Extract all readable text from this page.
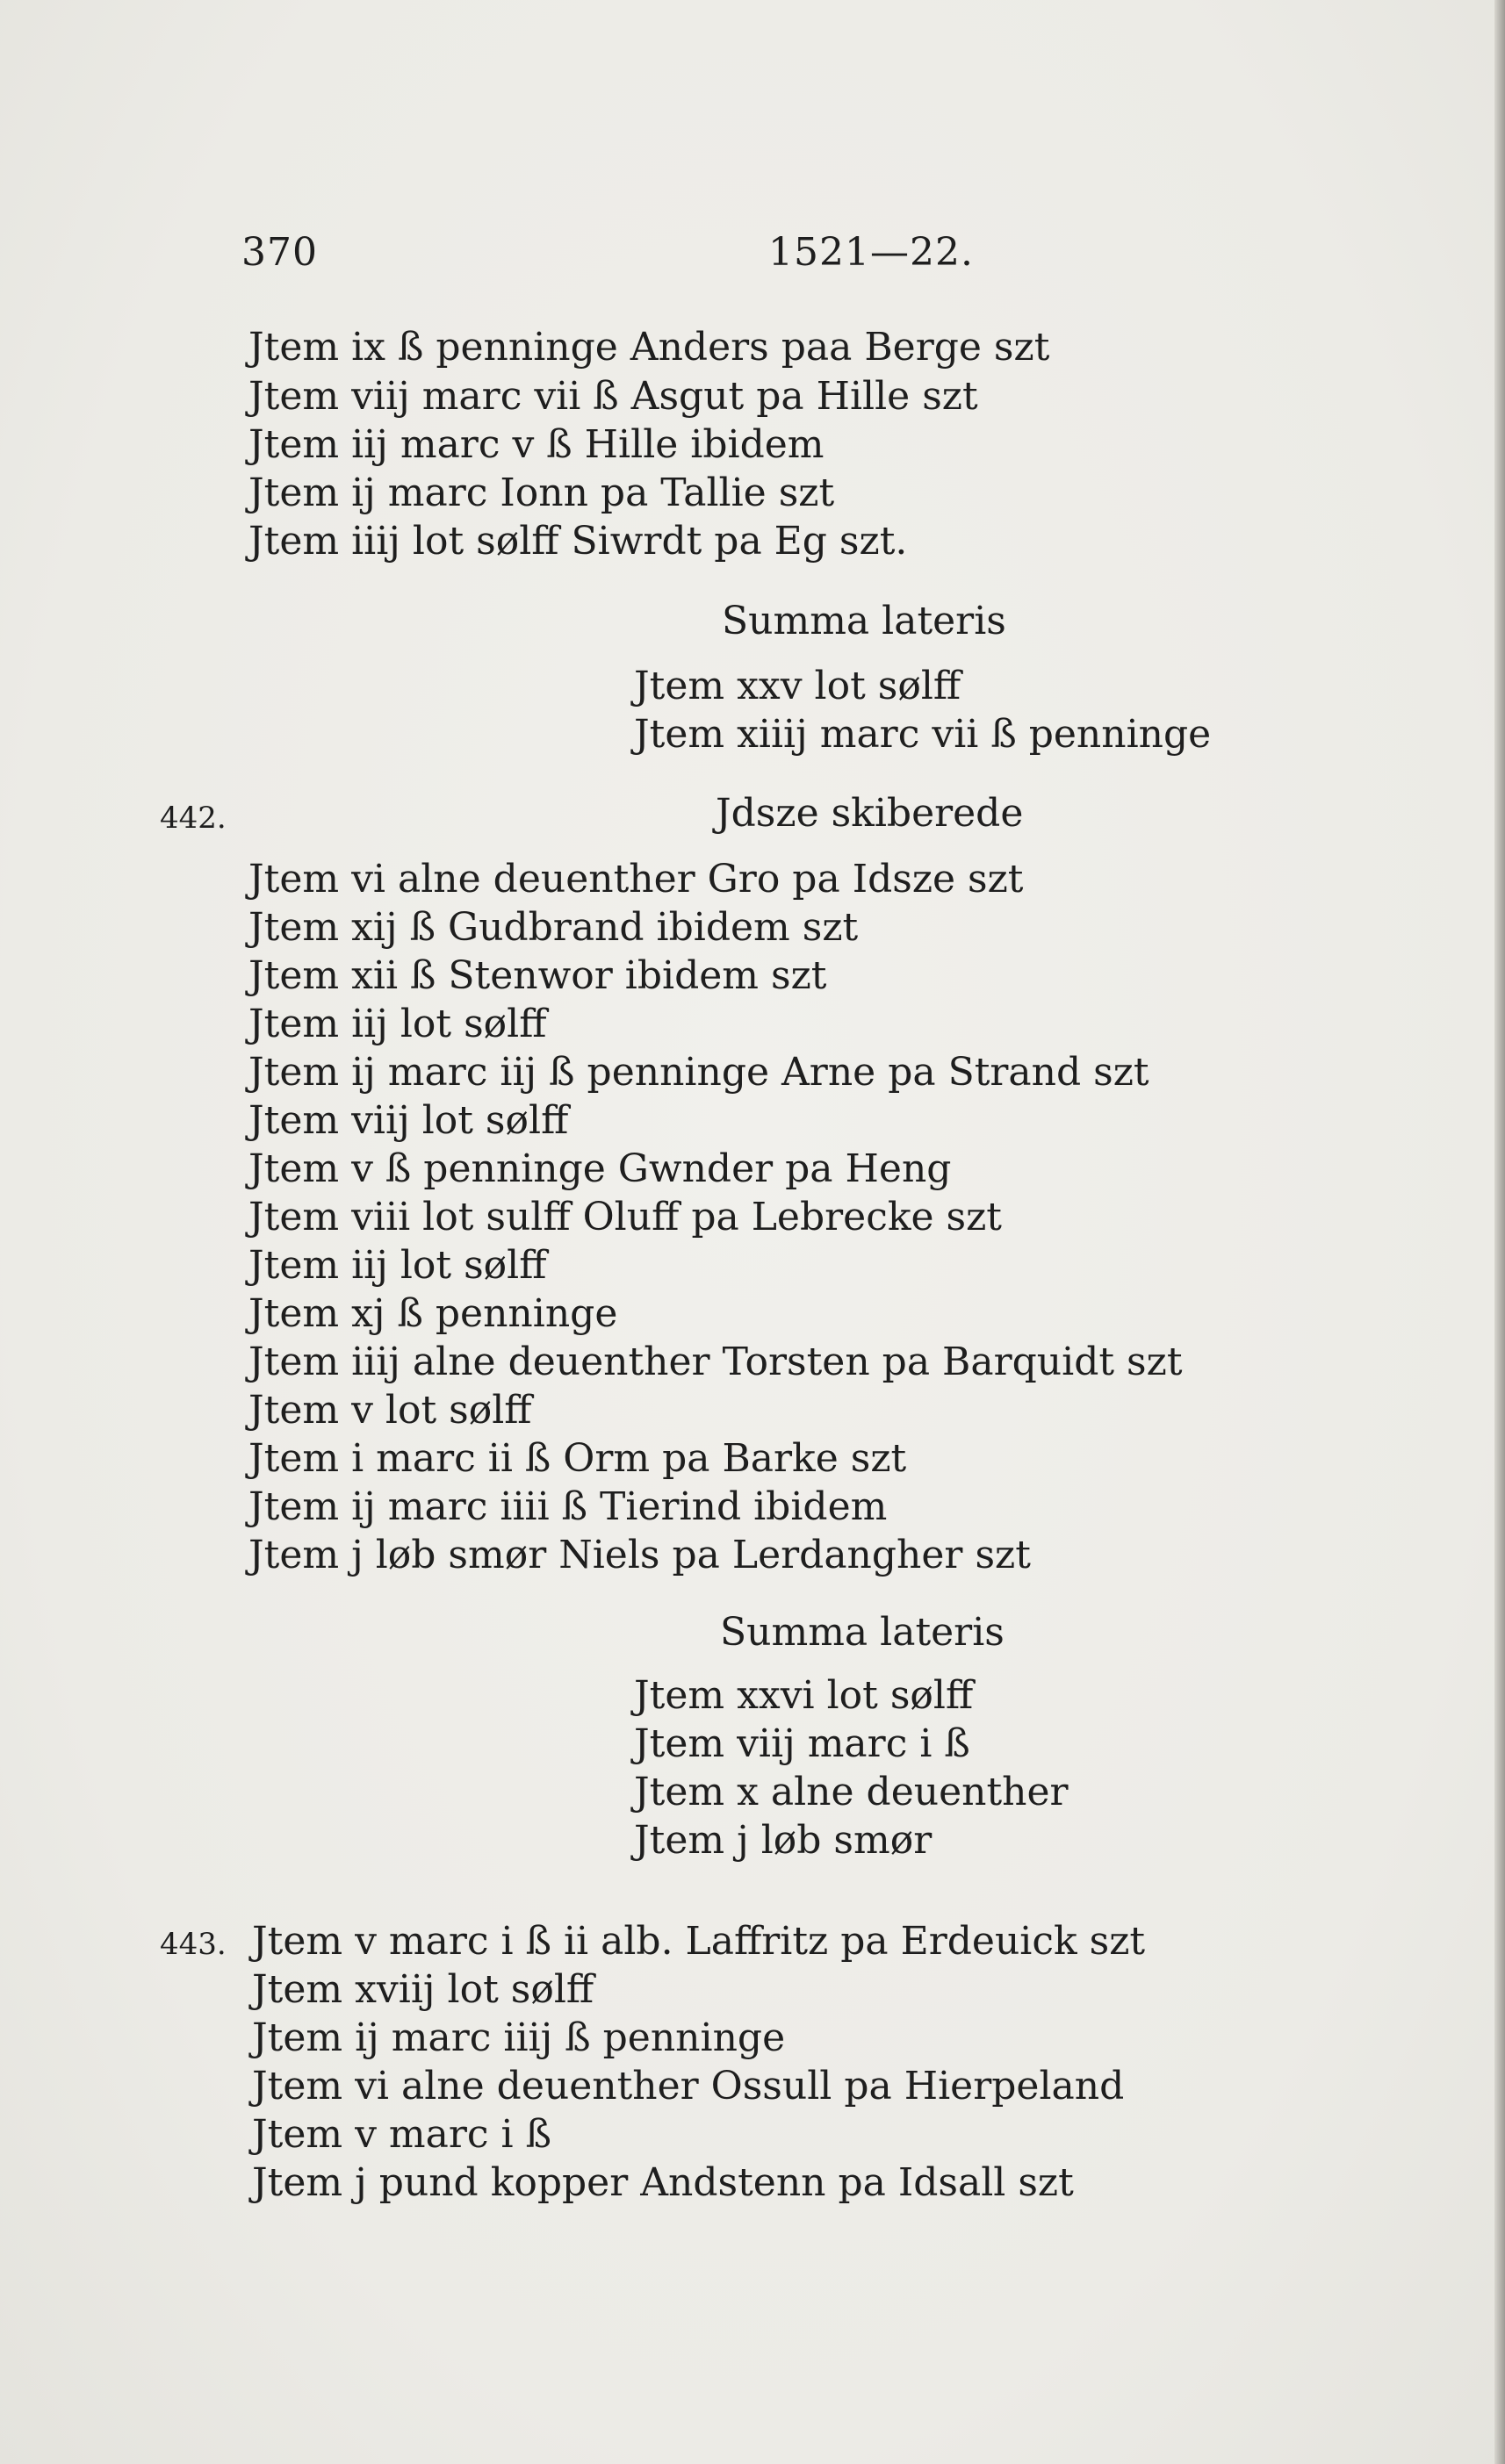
370	1521—22.
Jtem ix ß penninge Anders paa Berge szt
Jtem viij marc vii ß Asgut pa Hille szt
Jtem iij marc v ß Hille ibidem
Jtem ij marc Ionn pa Tallie szt
Jtem iiij lot sølff Siwrdt pa Eg szt.
Summa lateris
Jtem xxv lot sølff
Jtem xiiij marc vii ß penninge
442.	Jdsze skiberede
Jtem vi alne deuenther Gro pa Idsze szt
Jtem xij ß Gudbrand ibidem szt
Jtem xii ß Stenwor ibidem szt
Jtem iij lot sølff
Jtem ij marc iij ß penninge Arne pa Strand szt
Jtem viij lot sølff
Jtem v ß penninge Gwnder pa Heng
Jtem viii lot sulff Oluff pa Lebrecke szt
Jtem iij lot sølff
Jtem xj ß penninge
Jtem iiij alne deuenther Torsten pa Barquidt szt
Jtem v lot sølff
Jtem i marc ii ß Orm pa Barke szt
Jtem ij marc iiii ß Tierind ibidem
Jtem j løb smør Niels pa Lerdangher szt
Summa lateris
Jtem xxvi lot sølff
Jtem viij marc i ß
Jtem x alne deuenther
Jtem j løb smør
443. Jtem v marc i ß ii alb. Laffritz pa Erdeuick szt
Jtem xviij lot sølff
Jtem ij marc iiij ß penninge
Jtem vi alne deuenther Ossull pa Hierpeland
Jtem v marc i ß
Jtem j pund kopper Andstenn pa Idsall szt
